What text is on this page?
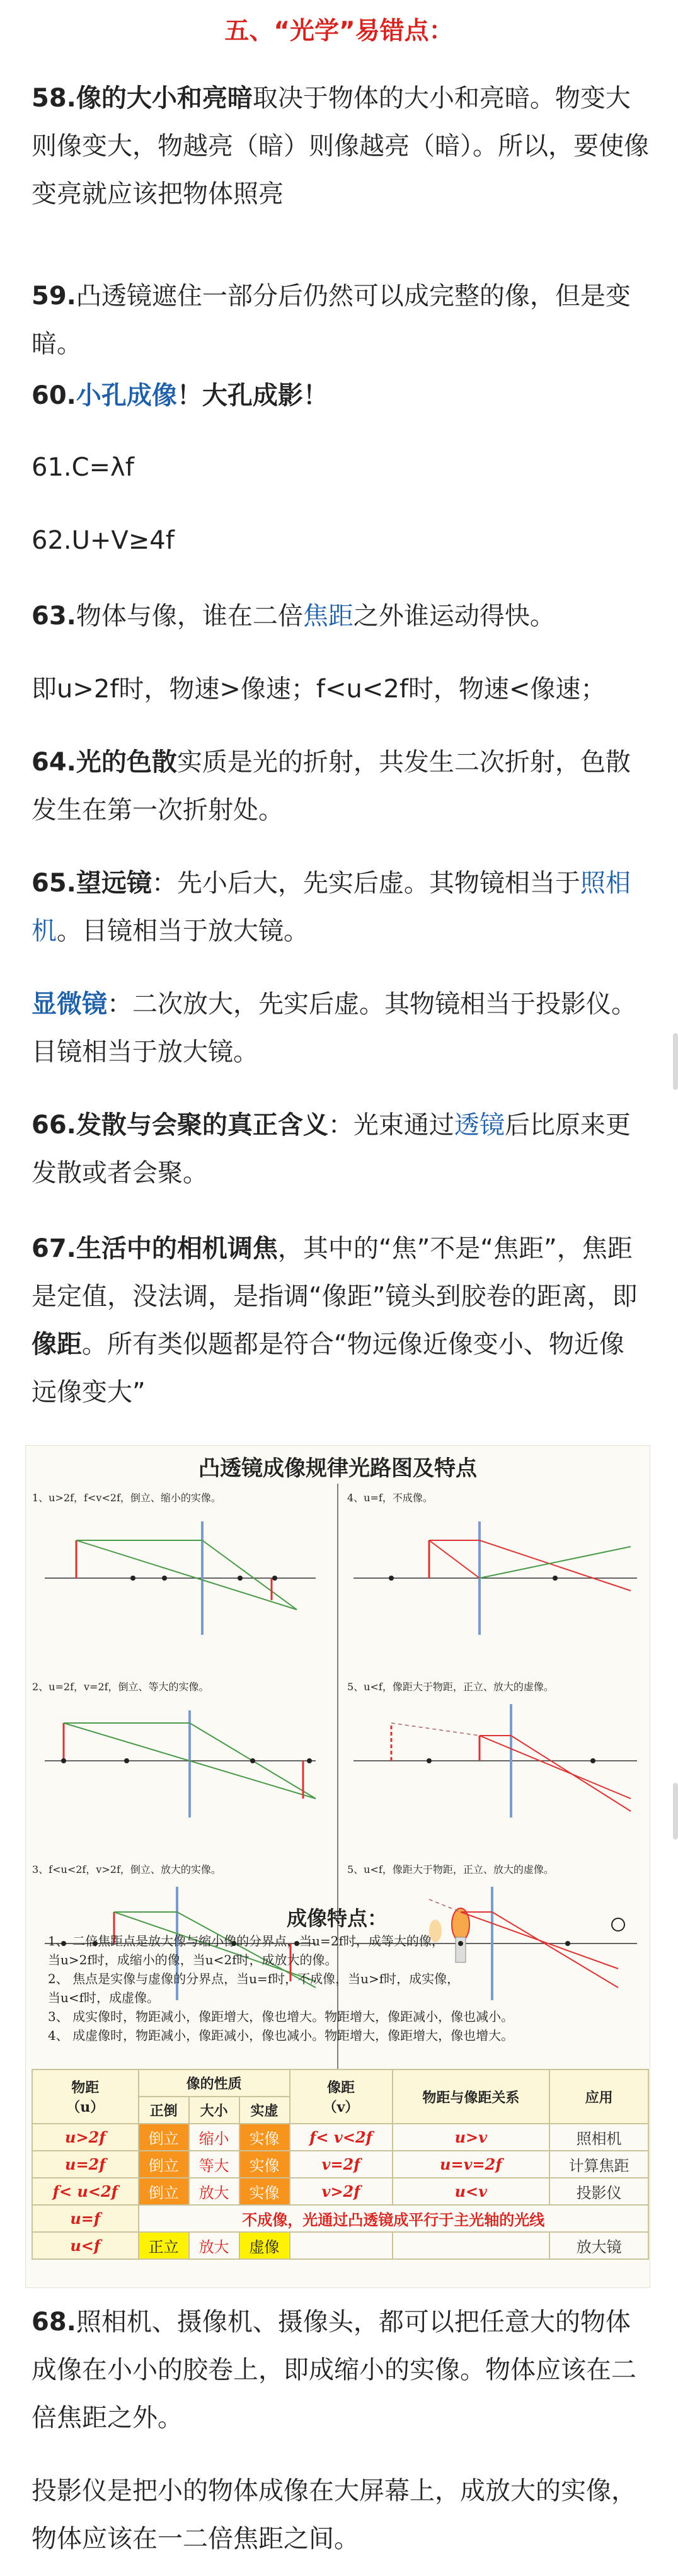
五、“光学”易错点：
58.像的大小和亮暗取决于物体的大小和亮暗。物变大则像变大，物越亮（暗）则像越亮（暗）。所以，要使像变亮就应该把物体照亮
59.凸透镜遮住一部分后仍然可以成完整的像，但是变暗。
60.小孔成像！大孔成影！
61.C=λf
62.U+V≥4f
63.物体与像，谁在二倍焦距之外谁运动得快。
即u>2f时，物速>像速；f<u<2f时，物速<像速；
64.光的色散实质是光的折射，共发生二次折射，色散发生在第一次折射处。
65.望远镜：先小后大，先实后虚。其物镜相当于照相机。目镜相当于放大镜。
显微镜：二次放大，先实后虚。其物镜相当于投影仪。目镜相当于放大镜。
66.发散与会聚的真正含义：光束通过透镜后比原来更发散或者会聚。
67.生活中的相机调焦，其中的“焦”不是“焦距”，焦距是定值，没法调，是指调“像距”镜头到胶卷的距离，即像距。所有类似题都是符合“物远像近像变小、物近像远像变大”
凸透镜成像规律光路图及特点
1、u>2f，f<v<2f，倒立、缩小的实像。	4、u=f，不成像。
2、u=2f，v=2f，倒立、等大的实像。	5、u<f，像距大于物距，正立、放大的虚像。
3、f<u<2f，v>2f，倒立、放大的实像。	5、u<f，像距大于物距，正立、放大的虚像。
成像特点：
1、 二倍焦距点是放大像与缩小像的分界点，当u=2f时，成等大的像，
当u>2f时，成缩小的像，当u<2f时，成放大的像。
2、 焦点是实像与虚像的分界点，当u=f时，不成像，当u>f时，成实像，
当u<f时，成虚像。
3、 成实像时，物距减小，像距增大，像也增大。物距增大，像距减小，像也减小。
4、 成虚像时，物距减小，像距减小，像也减小。物距增大，像距增大，像也增大。
物距
（u）	像的性质			像距
（v）	物距与像距关系	应用
	正倒	大小	实虚			
u>2f	倒立	缩小	实像	f< v<2f	u>v	照相机
u=2f	倒立	等大	实像	v=2f	u=v=2f	计算焦距
f< u<2f	倒立	放大	实像	v>2f	u<v	投影仪
u=f	不成像，光通过凸透镜成平行于主光轴的光线					
u<f	正立	放大	虚像			放大镜
68.照相机、摄像机、摄像头，都可以把任意大的物体成像在小小的胶卷上，即成缩小的实像。物体应该在二倍焦距之外。
投影仪是把小的物体成像在大屏幕上，成放大的实像，物体应该在一二倍焦距之间。
